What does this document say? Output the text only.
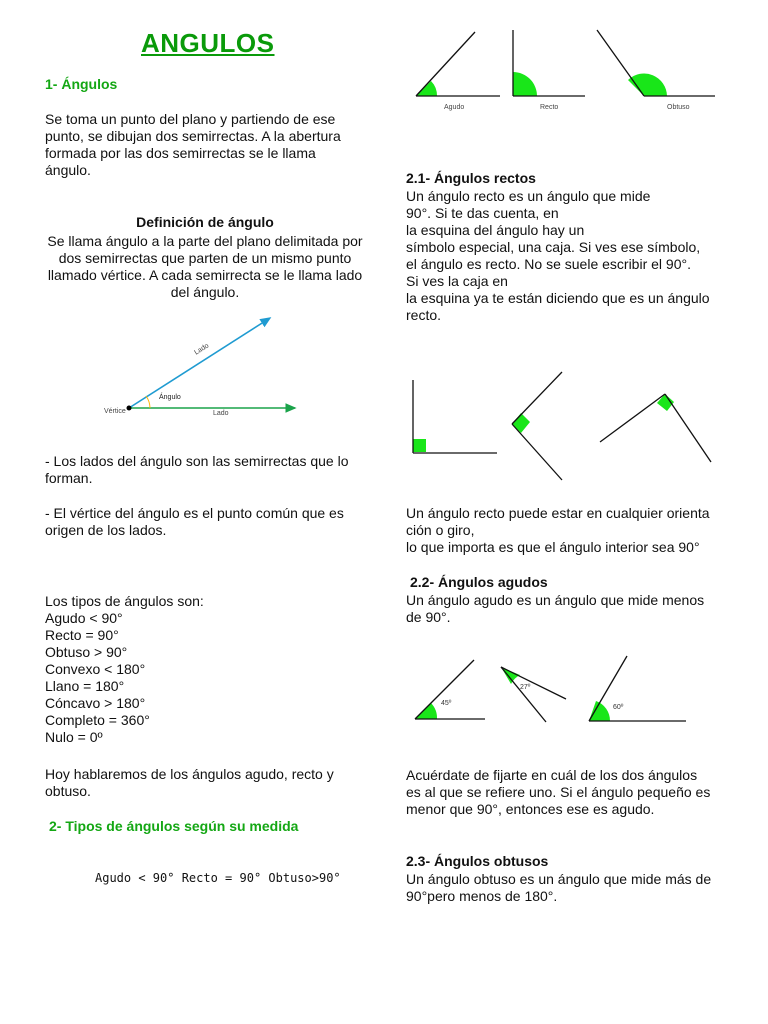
ANGULOS
1- Ángulos
Se toma un punto del plano y partiendo de ese punto, se dibujan dos semirrectas. A la abertura formada por las dos semirrectas se le llama ángulo.
Definición de ángulo
Se llama ángulo a la parte del plano delimitada por dos semirrectas que parten de un mismo punto llamado vértice. A cada semirrecta se le llama lado del ángulo.
Vértice
Lado
Lado
Ángulo
- Los lados del ángulo son las semirrectas que lo forman.
- El vértice del ángulo es el punto común que es origen de los lados.
Los tipos de ángulos son:
Agudo < 90°
Recto = 90°
Obtuso > 90°
Convexo < 180°
Llano = 180°
Cóncavo > 180°
Completo = 360°
Nulo = 0º
Hoy hablaremos de los ángulos agudo, recto y obtuso.
2- Tipos de ángulos según su medida
Agudo < 90° Recto = 90° Obtuso>90°
Agudo	Recto	Obtuso
2.1- Ángulos rectos
Un ángulo recto es un ángulo que mide
90°. Si te das cuenta, en
la esquina del ángulo hay un
símbolo especial, una caja. Si ves ese símbolo,
el ángulo es recto. No se suele escribir el 90°.
Si ves la caja en
la esquina ya te están diciendo que es un ángulo
recto.
Un ángulo recto puede estar en cualquier orienta
ción o giro,
lo que importa es que el ángulo interior sea 90°
2.2- Ángulos agudos
Un ángulo agudo es un ángulo que mide menos
de 90°.
45º
27º
60º
Acuérdate de fijarte en cuál de los dos ángulos
es al que se refiere uno. Si el ángulo pequeño es
menor que 90°, entonces ese es agudo.
2.3- Ángulos obtusos
Un ángulo obtuso es un ángulo que mide más de
90°pero menos de 180°.
